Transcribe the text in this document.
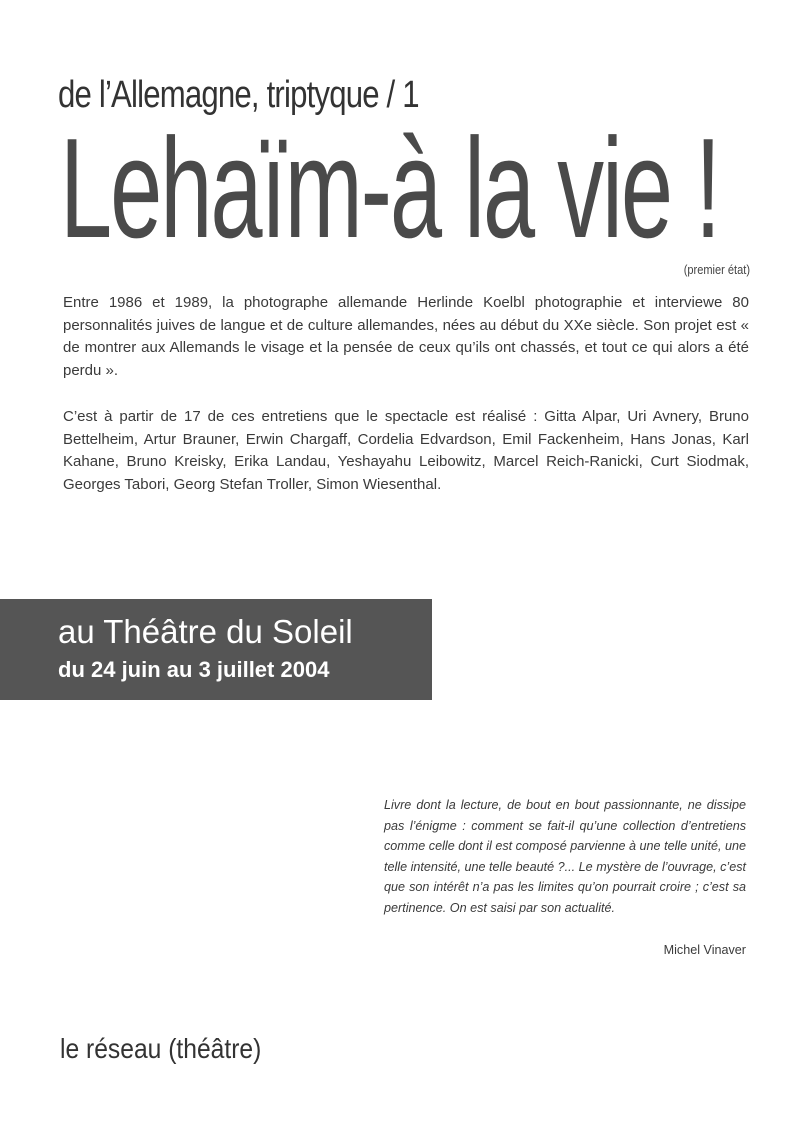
de l’Allemagne, triptyque / 1
Lehaïm-à la vie !
(premier état)

Entre 1986 et 1989, la photographe allemande Herlinde Koelbl photographie et interviewe 80 personnalités juives de langue et de culture allemandes, nées au début du XXe siècle. Son projet est « de montrer aux Allemands le visage et la pensée de ceux qu’ils ont chassés, et tout ce qui alors a été perdu ».

C’est à partir de 17 de ces entretiens que le spectacle est réalisé : Gitta Alpar, Uri Avnery, Bruno Bettelheim, Artur Brauner, Erwin Chargaff, Cordelia Edvardson, Emil Fackenheim, Hans Jonas, Karl Kahane, Bruno Kreisky, Erika Landau, Yeshayahu Leibowitz, Marcel Reich-Ranicki, Curt Siodmak, Georges Tabori, Georg Stefan Troller, Simon Wiesenthal.

au Théâtre du Soleil
du 24 juin au 3 juillet 2004

Livre dont la lecture, de bout en bout passionnante, ne dissipe pas l’énigme : comment se fait-il qu’une collection d’entretiens comme celle dont il est composé parvienne à une telle unité, une telle intensité, une telle beauté ?... Le mystère de l’ouvrage, c’est que son intérêt n’a pas les limites qu’on pourrait croire ; c’est sa pertinence. On est saisi par son actualité.

Michel Vinaver
le réseau (théâtre)
